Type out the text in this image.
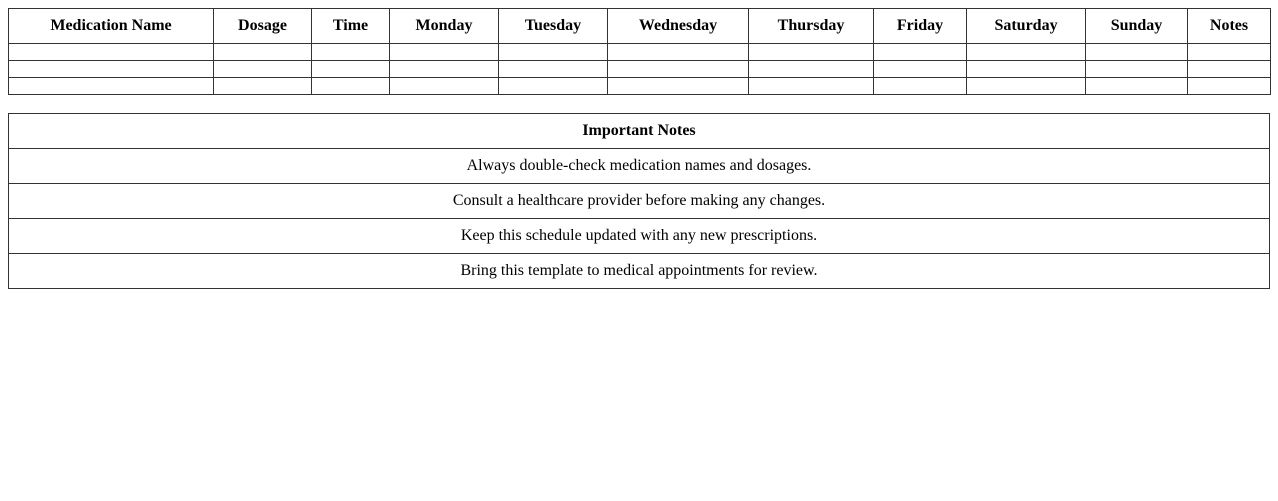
Medication Name	Dosage	Time	Monday	Tuesday	Wednesday	Thursday	Friday	Saturday	Sunday	Notes

Important Notes
Always double-check medication names and dosages.
Consult a healthcare provider before making any changes.
Keep this schedule updated with any new prescriptions.
Bring this template to medical appointments for review.
